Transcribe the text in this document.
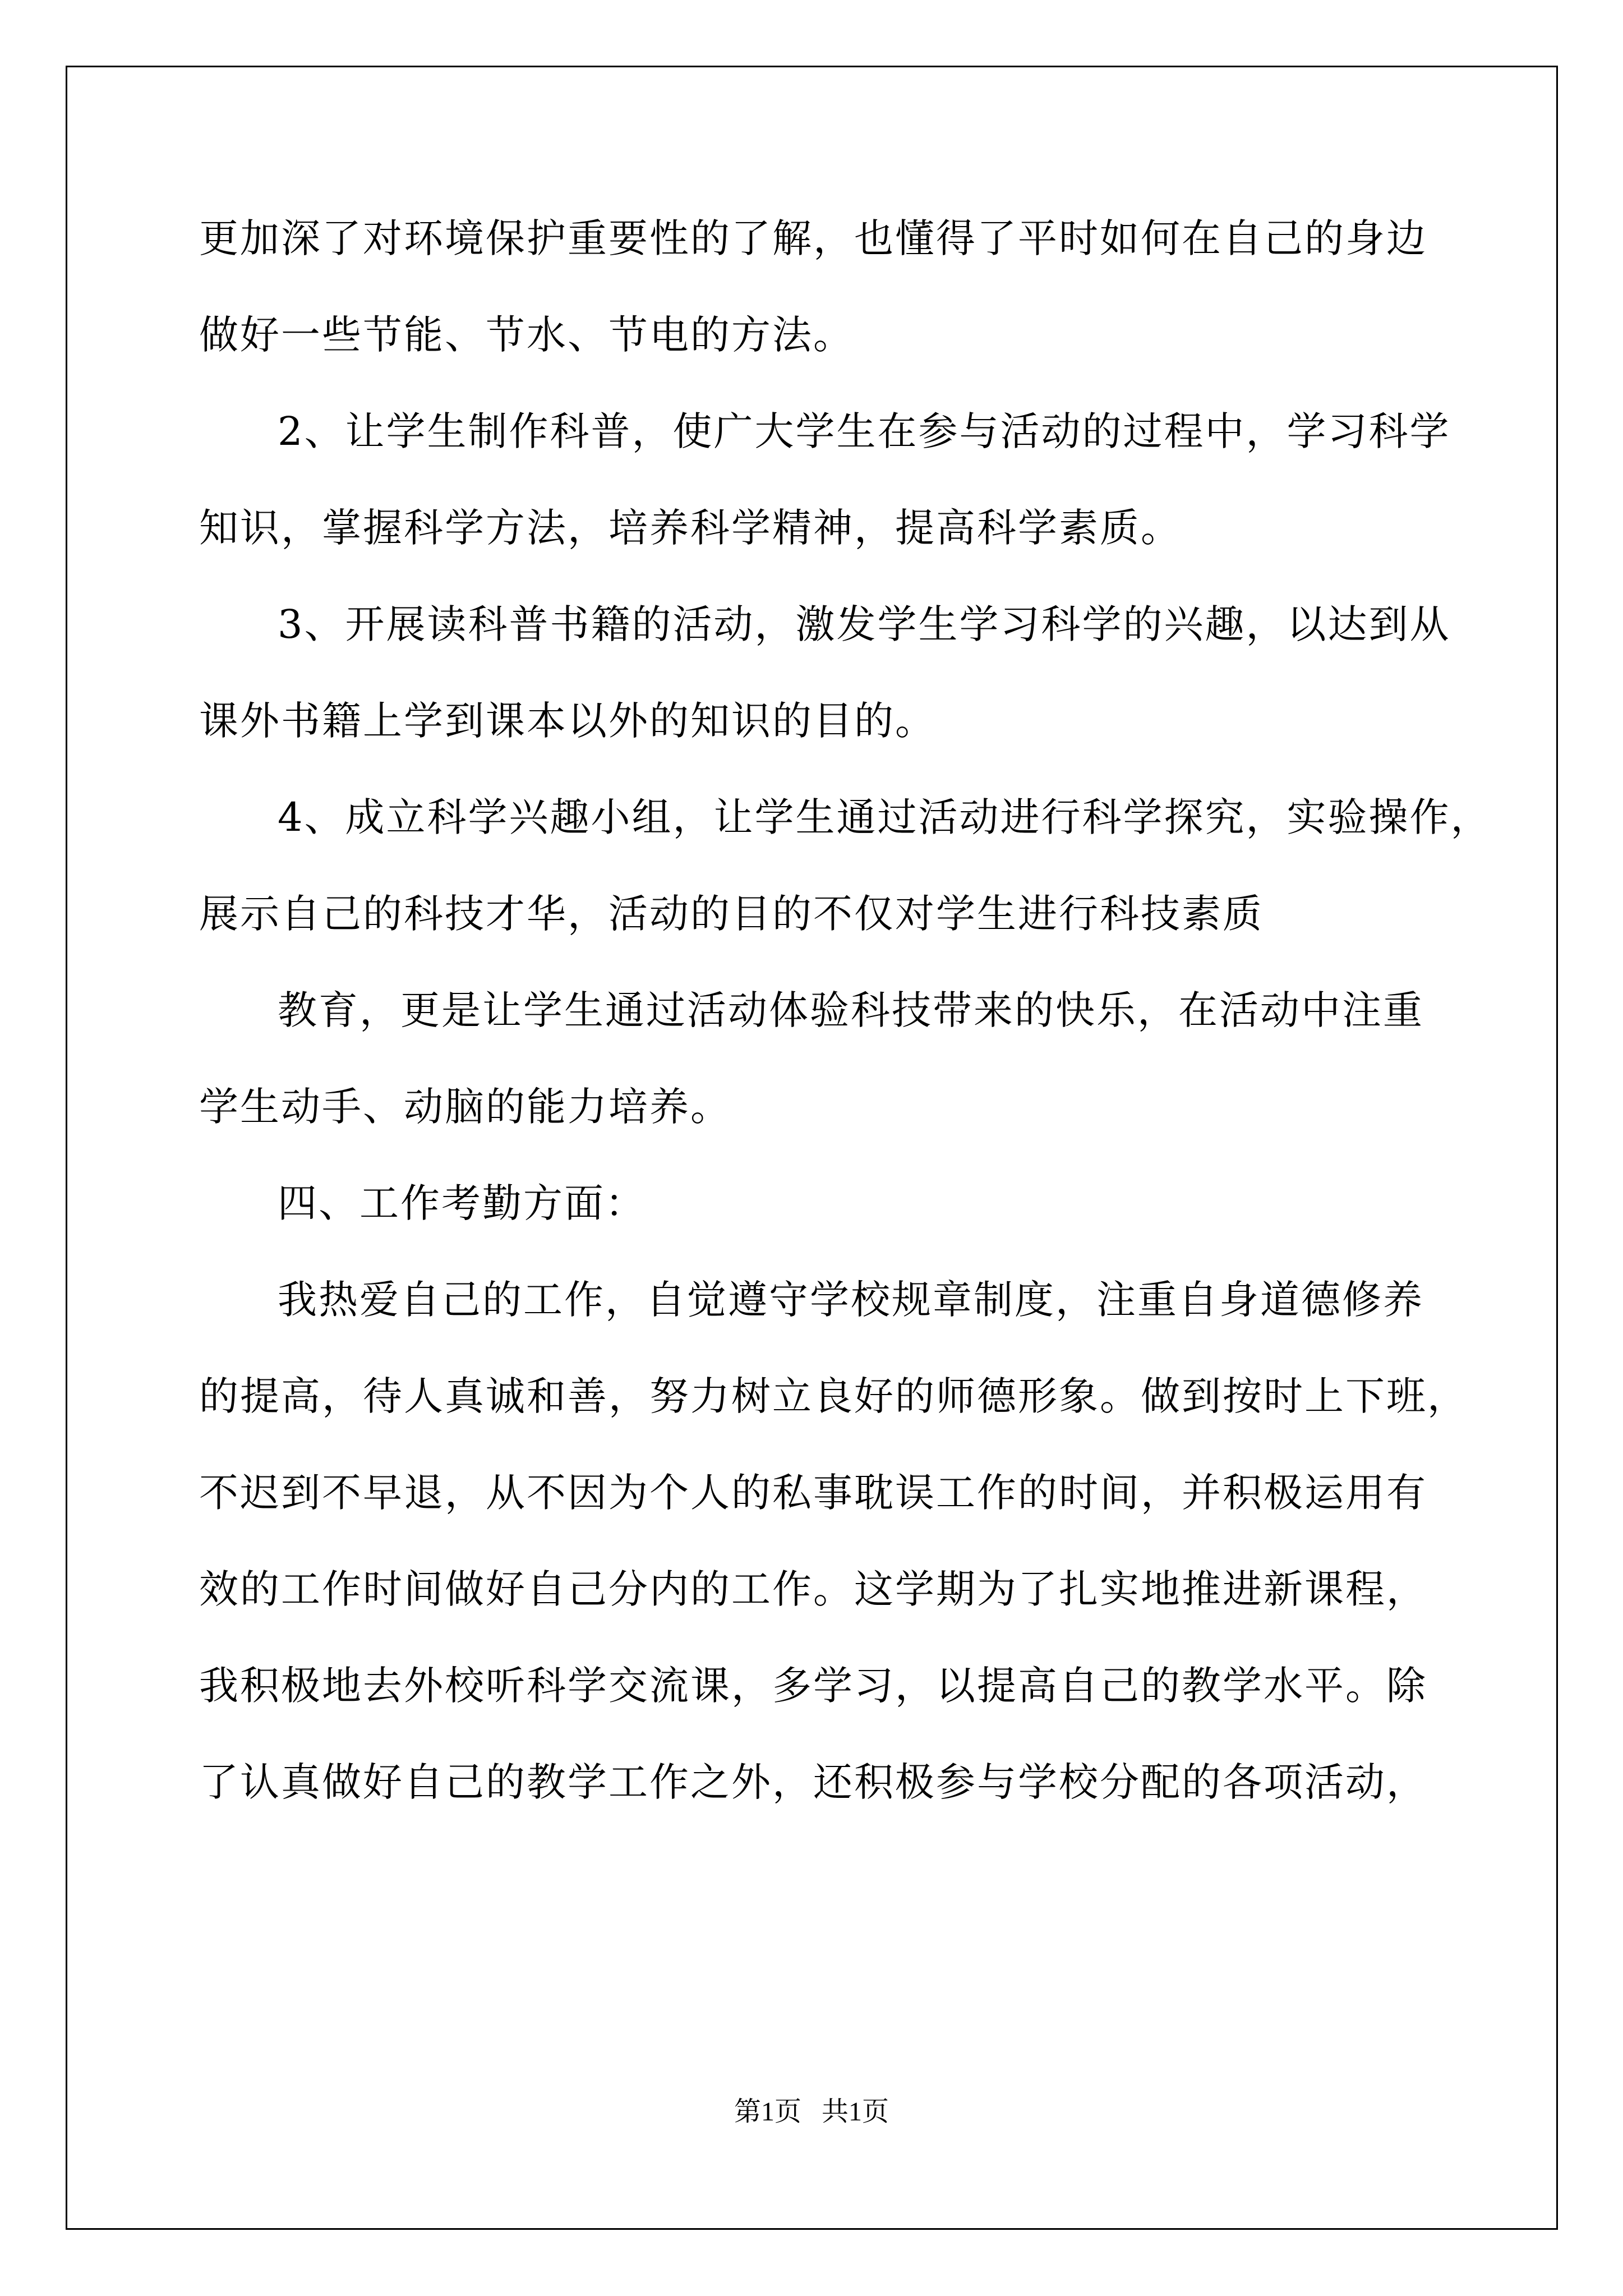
更加深了对环境保护重要性的了解，也懂得了平时如何在自己的身边
做好一些节能、节水、节电的方法。
2、让学生制作科普，使广大学生在参与活动的过程中，学习科学
知识，掌握科学方法，培养科学精神，提高科学素质。
3、开展读科普书籍的活动，激发学生学习科学的兴趣，以达到从
课外书籍上学到课本以外的知识的目的。
4、成立科学兴趣小组，让学生通过活动进行科学探究，实验操作，
展示自己的科技才华，活动的目的不仅对学生进行科技素质
教育，更是让学生通过活动体验科技带来的快乐，在活动中注重
学生动手、动脑的能力培养。
四、工作考勤方面：
我热爱自己的工作，自觉遵守学校规章制度，注重自身道德修养
的提高，待人真诚和善，努力树立良好的师德形象。做到按时上下班，
不迟到不早退，从不因为个人的私事耽误工作的时间，并积极运用有
效的工作时间做好自己分内的工作。这学期为了扎实地推进新课程，
我积极地去外校听科学交流课，多学习，以提高自己的教学水平。除
了认真做好自己的教学工作之外，还积极参与学校分配的各项活动，
第1页   共1页
